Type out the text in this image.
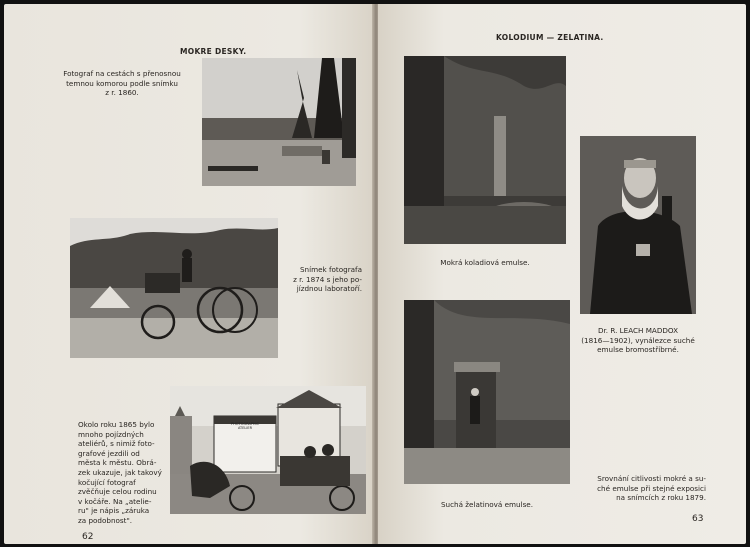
MOKRE DESKY.
Fotograf na cestách s přenosnou
temnou komorou podle snímku
z r. 1860.
Snímek fotografa
z r. 1874 s jeho po-
jízdnou laboratoří.
PHOTOGRAPHIC
ATELIER
Okolo roku 1865 bylo
mnoho pojízdných
ateliérů, s nimiž foto-
grafové jezdili od
města k městu. Obrá-
zek ukazuje, jak takový
kočující fotograf
zvěčňuje celou rodinu
v kočáře. Na „atelie-
ru" je nápis „záruka
za podobnost".
62
KOLODIUM — ZELATINA.
Mokrá koladiová emulse.
Dr. R. LEACH MADDOX
(1816—1902), vynálezce suché
emulse bromostříbrné.
Suchá želatinová emulse.
Srovnání citlivosti mokré a su-
ché emulse při stejné exposici
na snímcích z roku 1879.
63
